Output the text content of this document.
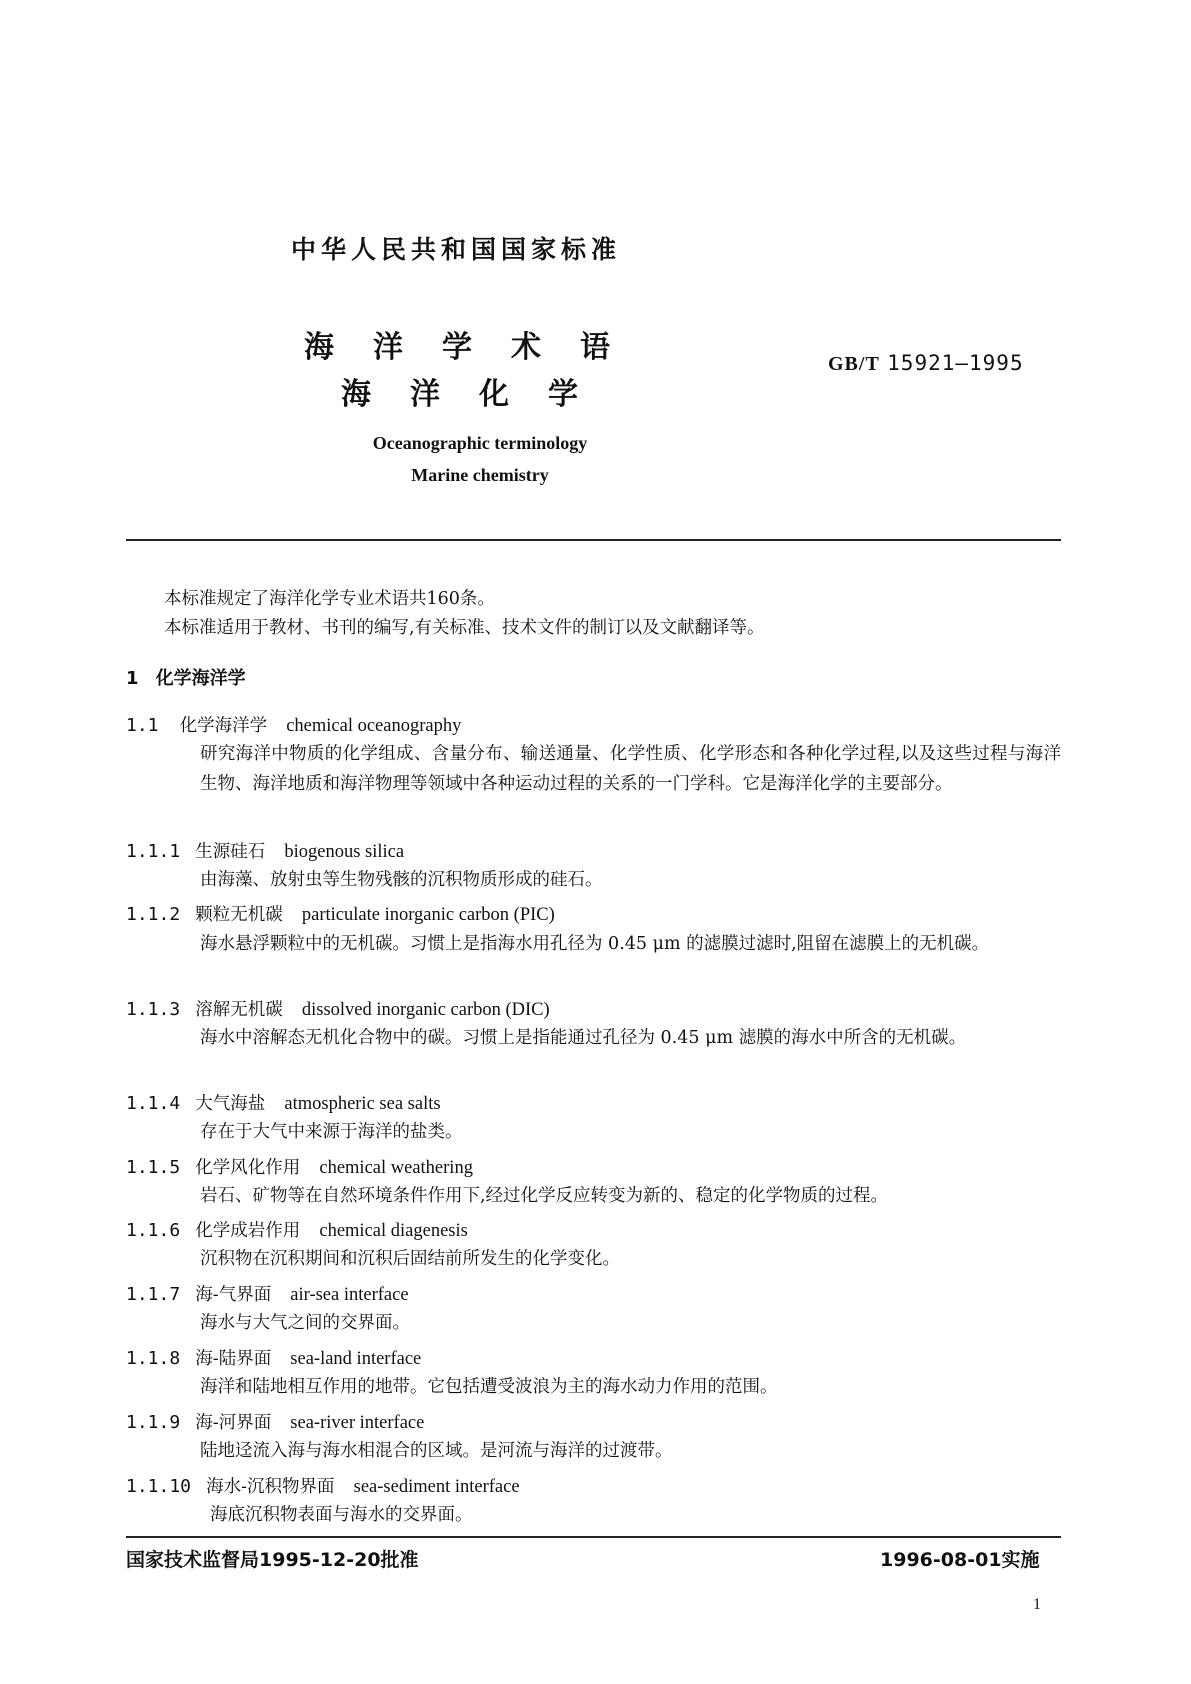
中华人民共和国国家标准
海洋学术语
海洋化学
GB/T 15921—1995
Oceanographic terminology
Marine chemistry
本标准规定了海洋化学专业术语共160条。
本标准适用于教材、书刊的编写,有关标准、技术文件的制订以及文献翻译等。
1 化学海洋学
1.1 化学海洋学 chemical oceanography
研究海洋中物质的化学组成、含量分布、输送通量、化学性质、化学形态和各种化学过程,以及这些过程与海洋生物、海洋地质和海洋物理等领域中各种运动过程的关系的一门学科。它是海洋化学的主要部分。
1.1.1 生源硅石 biogenous silica
由海藻、放射虫等生物残骸的沉积物质形成的硅石。
1.1.2 颗粒无机碳 particulate inorganic carbon (PIC)
海水悬浮颗粒中的无机碳。习惯上是指海水用孔径为 0.45 μm 的滤膜过滤时,阻留在滤膜上的无机碳。
1.1.3 溶解无机碳 dissolved inorganic carbon (DIC)
海水中溶解态无机化合物中的碳。习惯上是指能通过孔径为 0.45 μm 滤膜的海水中所含的无机碳。
1.1.4 大气海盐 atmospheric sea salts
存在于大气中来源于海洋的盐类。
1.1.5 化学风化作用 chemical weathering
岩石、矿物等在自然环境条件作用下,经过化学反应转变为新的、稳定的化学物质的过程。
1.1.6 化学成岩作用 chemical diagenesis
沉积物在沉积期间和沉积后固结前所发生的化学变化。
1.1.7 海-气界面 air-sea interface
海水与大气之间的交界面。
1.1.8 海-陆界面 sea-land interface
海洋和陆地相互作用的地带。它包括遭受波浪为主的海水动力作用的范围。
1.1.9 海-河界面 sea-river interface
陆地迳流入海与海水相混合的区域。是河流与海洋的过渡带。
1.1.10 海水-沉积物界面 sea-sediment interface
海底沉积物表面与海水的交界面。
国家技术监督局1995-12-20批准	1996-08-01实施
1
